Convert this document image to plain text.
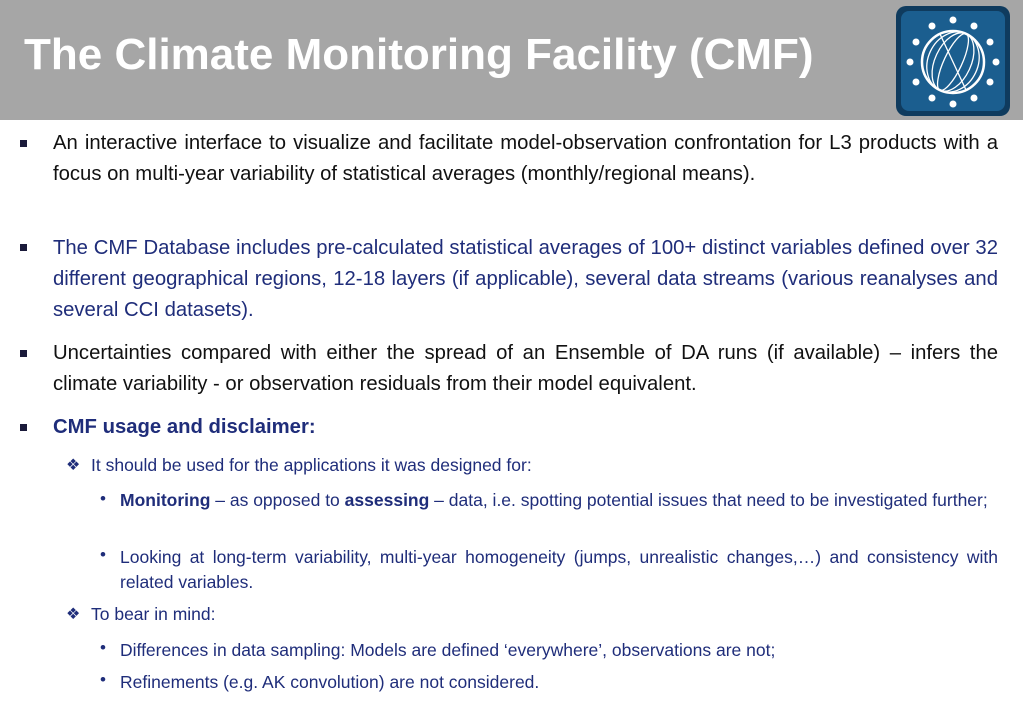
The Climate Monitoring Facility (CMF)
An interactive interface to visualize and facilitate model-observation confrontation for L3 products with a focus on multi-year variability of statistical averages (monthly/regional means).
The CMF Database includes pre-calculated statistical averages of 100+ distinct variables defined over 32 different geographical regions, 12-18 layers (if applicable), several data streams (various reanalyses and several CCI datasets).
Uncertainties compared with either the spread of an Ensemble of DA runs (if available) – infers the climate variability - or observation residuals from their model equivalent.
CMF usage and disclaimer:
❖ It should be used for the applications it was designed for:
• Monitoring – as opposed to assessing – data, i.e. spotting potential issues that need to be investigated further;
• Looking at long-term variability, multi-year homogeneity (jumps, unrealistic changes,…) and consistency with related variables.
❖ To bear in mind:
• Differences in data sampling: Models are defined ‘everywhere’, observations are not;
• Refinements (e.g. AK convolution) are not considered.
